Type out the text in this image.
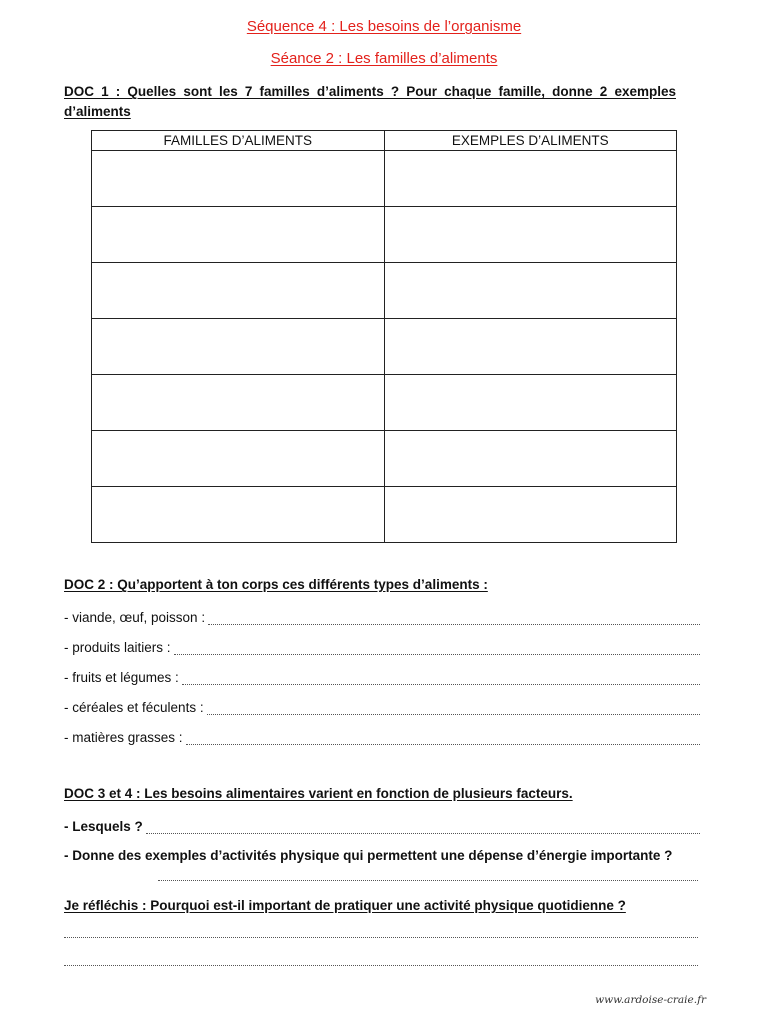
Séquence 4 : Les besoins de l’organisme
Séance 2 : Les familles d’aliments
DOC 1 : Quelles sont les 7 familles d’aliments ? Pour chaque famille, donne 2 exemples d’aliments
FAMILLES D’ALIMENTS	EXEMPLES D’ALIMENTS

DOC 2 : Qu’apportent à ton corps ces différents types d’aliments :
- viande, œuf, poisson :
- produits laitiers :
- fruits et légumes :
- céréales et féculents :
- matières grasses :
DOC 3 et 4 : Les besoins alimentaires varient en fonction de plusieurs facteurs.
- Lesquels ?
- Donne des exemples d’activités physique qui permettent une dépense d’énergie importante ?
Je réfléchis : Pourquoi est-il important de pratiquer une activité physique quotidienne ?
www.ardoise-craie.fr
